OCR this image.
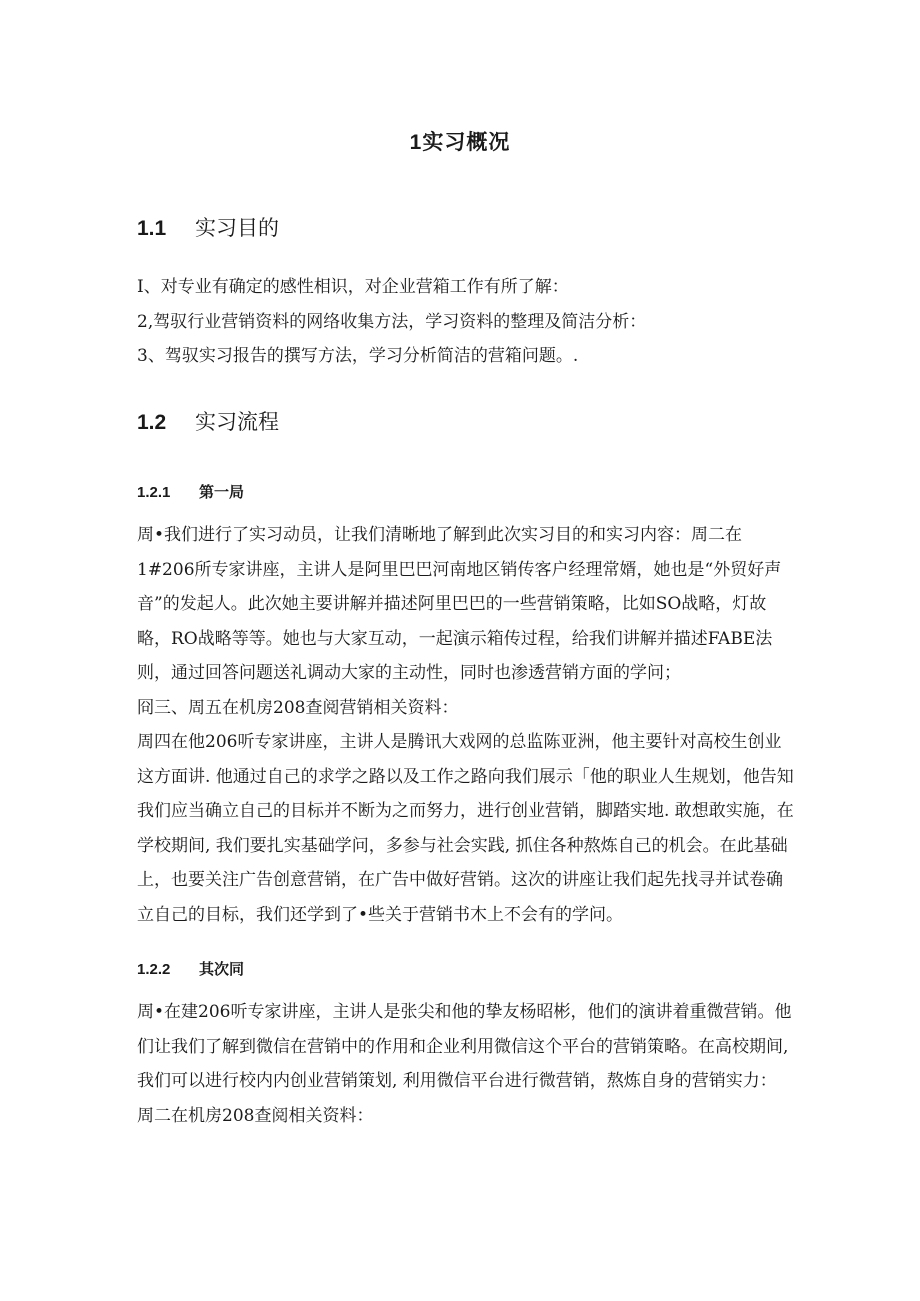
1实习概况
1.1	实习目的
I、对专业有确定的感性相识，对企业营箱工作有所了解：
2,驾驭行业营销资料的网络收集方法，学习资料的整理及简洁分析：
3、驾驭实习报告的撰写方法，学习分析简洁的营箱问题。.
1.2	实习流程
1.2.1	第一局
周•我们进行了实习动员，让我们清晰地了解到此次实习目的和实习内容：周二在
1#206所专家讲座，主讲人是阿里巴巴河南地区销传客户经理常婿，她也是“外贸好声
音”的发起人。此次她主要讲解并描述阿里巴巴的一些营销策略，比如SO战略，灯故
略，RO战略等等。她也与大家互动，一起演示箱传过程，给我们讲解并描述FABE法
则，通过回答问题送礼调动大家的主动性，同时也渗透营销方面的学问；
冏三、周五在机房208查阅营销相关资料：
周四在他206听专家讲座，主讲人是腾讯大戏网的总监陈亚洲，他主要针对高校生创业
这方面讲. 他通过自己的求学之路以及工作之路向我们展示「他的职业人生规划，他告知
我们应当确立自己的目标并不断为之而努力，进行创业营销，脚踏实地. 敢想敢实施，在
学校期间, 我们要扎实基础学问，多参与社会实践, 抓住各种熬炼自己的机会。在此基础
上，也要关注广告创意营销，在广告中做好营销。这次的讲座让我们起先找寻并试卷确
立自己的目标，我们还学到了•些关于营销书木上不会有的学问。
1.2.2	其次同
周•在建206听专家讲座，主讲人是张尖和他的挚友杨昭彬，他们的演讲着重微营销。他
们让我们了解到微信在营销中的作用和企业利用微信这个平台的营销策略。在高校期间,
我们可以进行校内内创业营销策划, 利用微信平台进行微营销，熬炼自身的营销实力：
周二在机房208查阅相关资料：
